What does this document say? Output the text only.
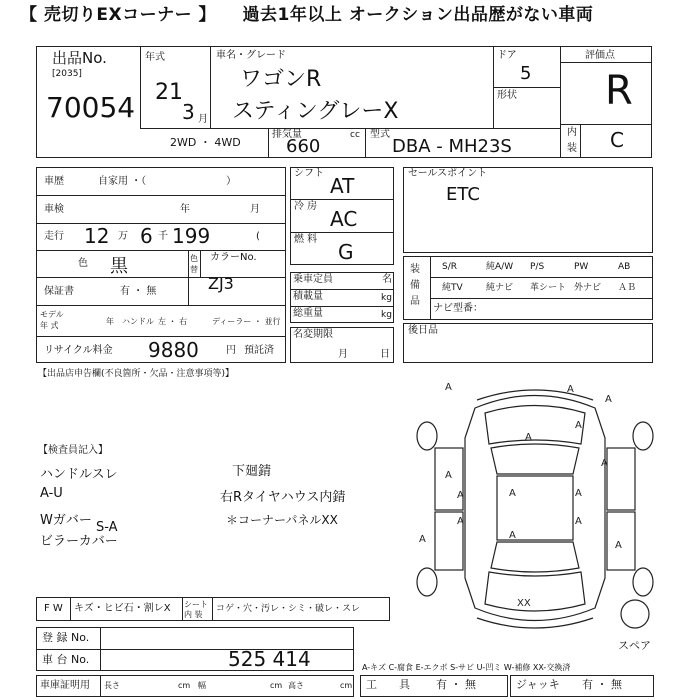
【 売切りEXコーナー 】 過去1年以上 オークション出品歴がない車両
出品No.
[2035]
70054
年式
21
3 月
車名・グレード
ワゴンR
スティングレーX
ドア
5
形状
評価点
R
内
装 C
2WD ・ 4WD
排気量
660
cc 型式
DBA - MH23S
車歴	自家用 ・（　　　　　　　　）
車検	年	月
走行 12 万 6 千 199	(
色 黒	色
替
カラーNo.
ZJ3
保証書	有 ・ 無
モデル
年 式	年 ハンドル 左 ・ 右	ディーラー ・ 並行
リサイクル料金 9880	円 預託済
シフト
AT
冷 房
AC
燃 料
G
乗車定員	名
積載量	kg
総重量	kg
名変期限
月	日
セールスポイント
ETC
装備品
S/R	純A/W P/S	PW	AB
純TV	純ナビ 革シート 外ナビ ＡＢ
ナビ型番：
後日品
【出品店申告欄(不良箇所・欠品・注意事項等)】
【検査員記入】
ハンドルスレ
A-U
Wガバー
ビラーカバー
S-A
下廻錆
右Rタイヤハウス内錆
＊コーナーパネルXX
A	A
A
A
A
A
A
A	A	A
A
A
A
A
A
XX
スペア
F W キズ・ヒビ石・割レX シート
内 装
コゲ・穴・汚レ・シミ・破レ・スレ
登 録 No.
車 台 No.	525 414	A-キズ C-腐食 E-エクボ S-サビ U-凹ミ W-補修 XX-交換済
車庫証明用 長さ	cm 幅	cm 高さ	cm 工　　具 有 ・ 無	ジャッキ 有 ・ 無
